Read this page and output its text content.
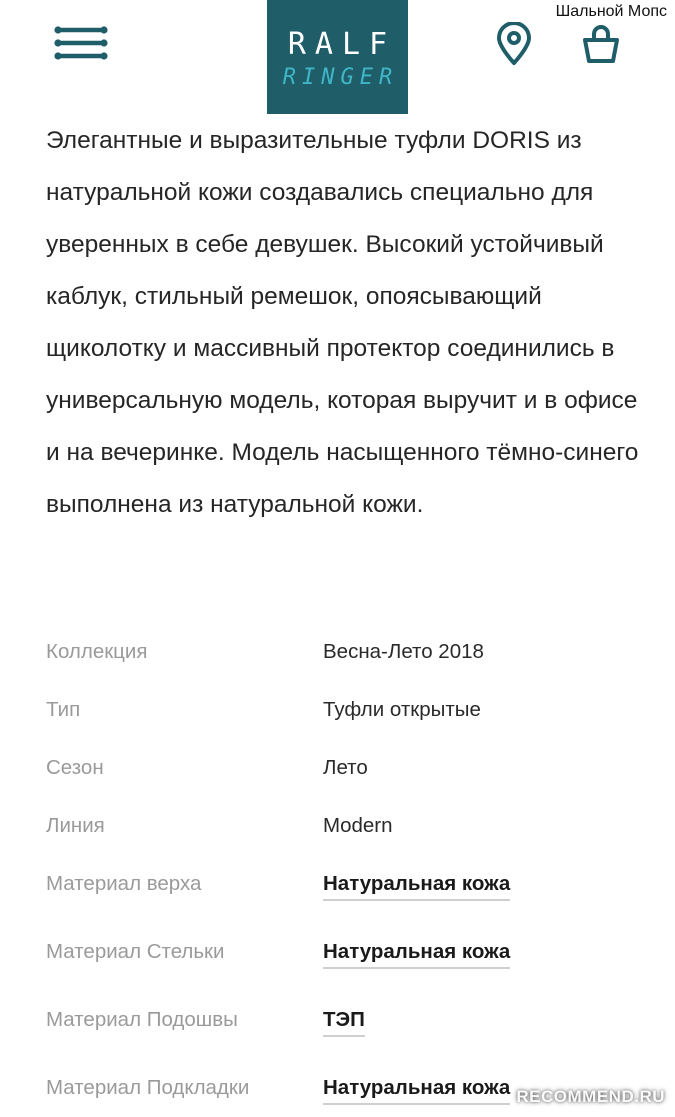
RALF
RINGER
Шальной Мопс

Элегантные и выразительные туфли DORIS из натуральной кожи создавались специально для уверенных в себе девушек. Высокий устойчивый каблук, стильный ремешок, опоясывающий щиколотку и массивный протектор соединились в универсальную модель, которая выручит и в офисе и на вечеринке. Модель насыщенного тёмно-синего выполнена из натуральной кожи.

Коллекция	Весна-Лето 2018
Тип	Туфли открытые
Сезон	Лето
Линия	Modern
Материал верха	Натуральная кожа
Материал Стельки	Натуральная кожа
Материал Подошвы	ТЭП
Материал Подкладки	Натуральная кожа RECOMMEND.RU
